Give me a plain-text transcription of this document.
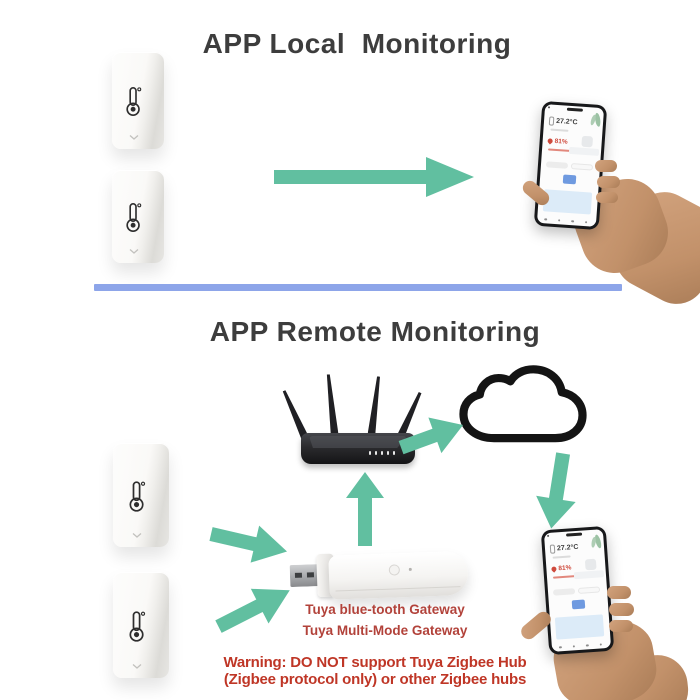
APP Local  Monitoring
27.2°C
81%
APP Remote Monitoring
Tuya blue-tooth Gateway
Tuya Multi-Mode Gateway
Warning: DO NOT support Tuya Zigbee Hub
(Zigbee protocol only) or other Zigbee hubs
27.2°C
81%
